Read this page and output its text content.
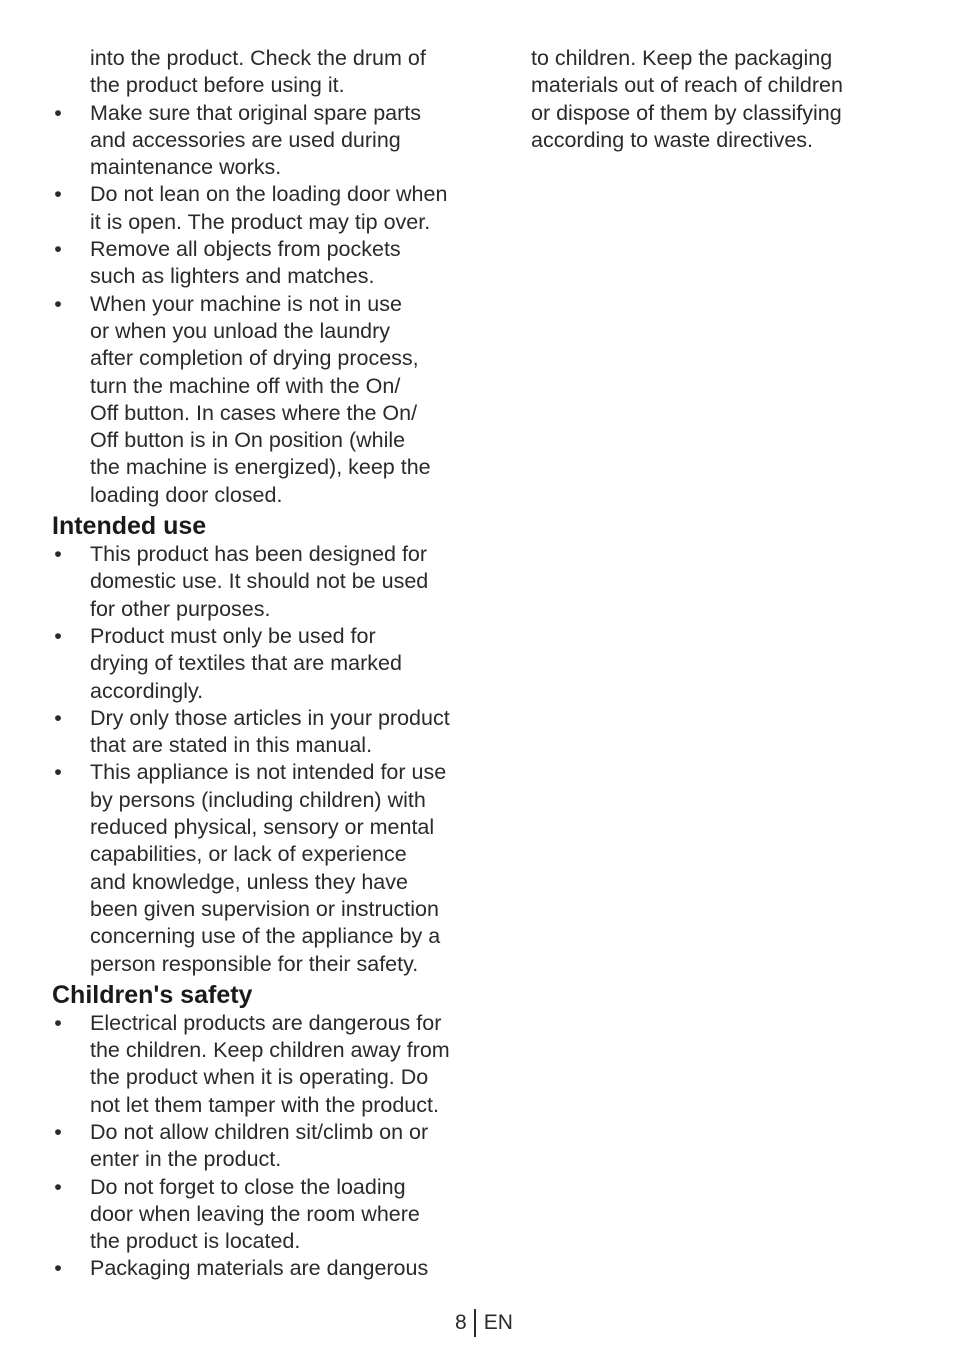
into the product. Check the drum of
the product before using it.

• Make sure that original spare parts
and accessories are used during
maintenance works.
• Do not lean on the loading door when
it is open. The product may tip over.
• Remove all objects from pockets
such as lighters and matches.
• When your machine is not in use
or when you unload the laundry
after completion of drying process,
turn the machine off with the On/
Off button. In cases where the On/
Off button is in On position (while
the machine is energized), keep the
loading door closed.
Intended use
• This product has been designed for
domestic use. It should not be used
for other purposes.
• Product must only be used for
drying of textiles that are marked
accordingly.
• Dry only those articles in your product
that are stated in this manual.
• This appliance is not intended for use
by persons (including children) with
reduced physical, sensory or mental
capabilities, or lack of experience
and knowledge, unless they have
been given supervision or instruction
concerning use of the appliance by a
person responsible for their safety.
Children's safety
• Electrical products are dangerous for
the children. Keep children away from
the product when it is operating. Do
not let them tamper with the product.
• Do not allow children sit/climb on or
enter in the product.
• Do not forget to close the loading
door when leaving the room where
the product is located.
• Packaging materials are dangerous

to children. Keep the packaging
materials out of reach of children
or dispose of them by classifying
according to waste directives.

8 EN
